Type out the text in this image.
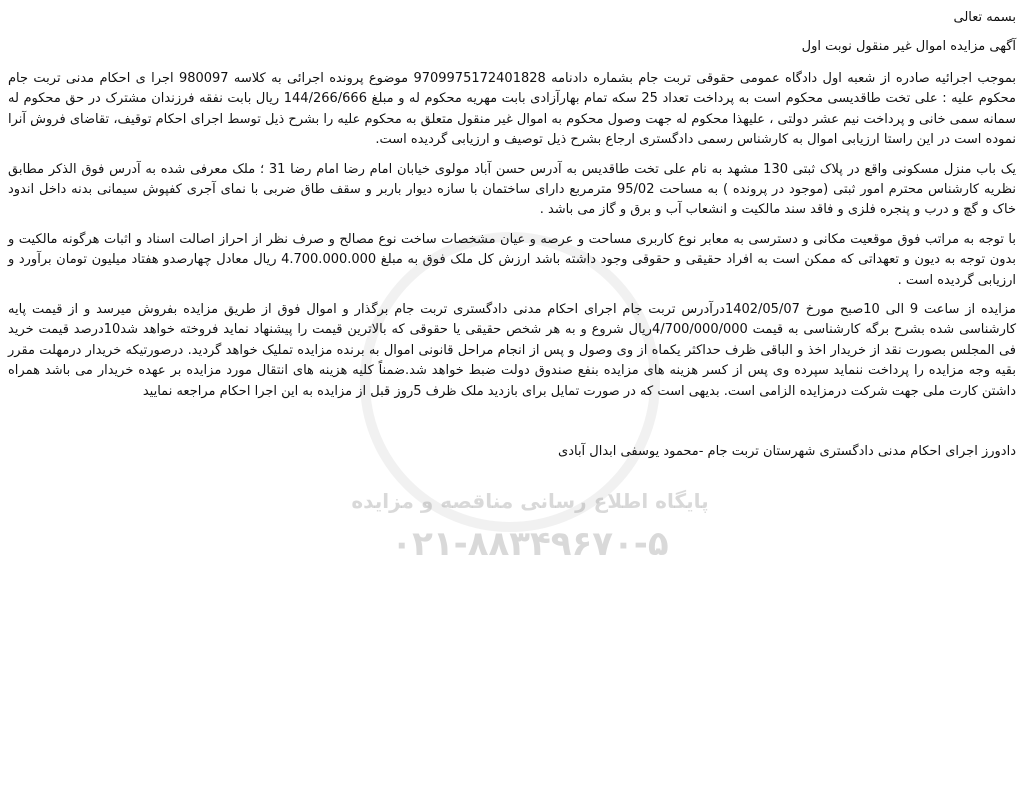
پایگاه اطلاع رسانی مناقصه و مزایده
۰۲۱-۸۸۳۴۹۶۷۰-۵
بسمه تعالی
آگهی مزایده اموال غیر منقول نوبت اول

بموجب اجرائیه صادره از شعبه اول دادگاه عمومی حقوقی تربت جام بشماره دادنامه 9709975172401828 موضوع پرونده اجرائی به کلاسه 980097 اجرا ی احکام مدنی تربت جام محکوم علیه : علی تخت طاقدیسی محکوم است به پرداخت تعداد 25 سکه تمام بهارآزادی بابت مهریه محکوم له و مبلغ 144/266/666 ریال بابت نفقه فرزندان مشترک در حق محکوم له سمانه سمی خانی و پرداخت نیم عشر دولتی ، علیهذا محکوم له جهت وصول محکوم به اموال غیر منقول متعلق به محکوم علیه را بشرح ذیل توسط اجرای احکام توقیف، تقاضای فروش آنرا نموده است در این راستا ارزیابی اموال به کارشناس رسمی دادگستری ارجاع بشرح ذیل توصیف و ارزیابی گردیده است.

یک باب منزل مسکونی واقع در پلاک ثبتی 130 مشهد به نام علی تخت طاقدیس به آدرس حسن آباد مولوی خیابان امام رضا امام رضا 31 ؛ ملک معرفی شده به آدرس فوق الذکر مطابق نظریه کارشناس محترم امور ثبتی (موجود در پرونده ) به مساحت 95/02 مترمربع دارای ساختمان با سازه دیوار باربر و سقف طاق ضربی با نمای آجری کفپوش سیمانی بدنه داخل اندود خاک و گچ و درب و پنجره فلزی و فاقد سند مالکیت و انشعاب آب و برق و گاز می باشد .

با توجه به مراتب فوق موقعیت مکانی و دسترسی به معابر نوع کاربری مساحت و عرصه و عیان مشخصات ساخت نوع مصالح و صرف نظر از احراز اصالت اسناد و اثبات هرگونه مالکیت و بدون توجه به دیون و تعهداتی که ممکن است به افراد حقیقی و حقوقی وجود داشته باشد ارزش کل ملک فوق به مبلغ 4.700.000.000 ریال معادل چهارصدو هفتاد میلیون تومان برآورد و ارزیابی گردیده است .

مزایده از ساعت 9 الی 10صبح مورخ 1402/05/07درآدرس تربت جام اجرای احکام مدنی دادگستری تربت جام برگذار و اموال فوق از طریق مزایده بفروش میرسد و از قیمت پایه کارشناسی شده بشرح برگه کارشناسی به قیمت 4/700/000/000ریال شروع و به هر شخص حقیقی یا حقوقی که بالاترین قیمت را پیشنهاد نماید فروخته خواهد شد10درصد قیمت خرید فی المجلس بصورت نقد از خریدار اخذ و الباقی ظرف حداکثر یکماه از وی وصول و پس از انجام مراحل قانونی اموال به برنده مزایده تملیک خواهد گردید. درصورتیکه خریدار درمهلت مقرر بقیه وجه مزایده را پرداخت ننماید سپرده وی پس از کسر هزینه های مزایده بنفع صندوق دولت ضبط خواهد شد.ضمناً کلیه هزینه های انتقال مورد مزایده بر عهده خریدار می باشد همراه داشتن کارت ملی جهت شرکت درمزایده الزامی است. بدیهی است که در صورت تمایل برای بازدید ملک ظرف 5روز قبل از مزایده به این اجرا احکام مراجعه نمایید

دادورز اجرای احکام مدنی دادگستری شهرستان تربت جام -محمود یوسفی ابدال آبادی
